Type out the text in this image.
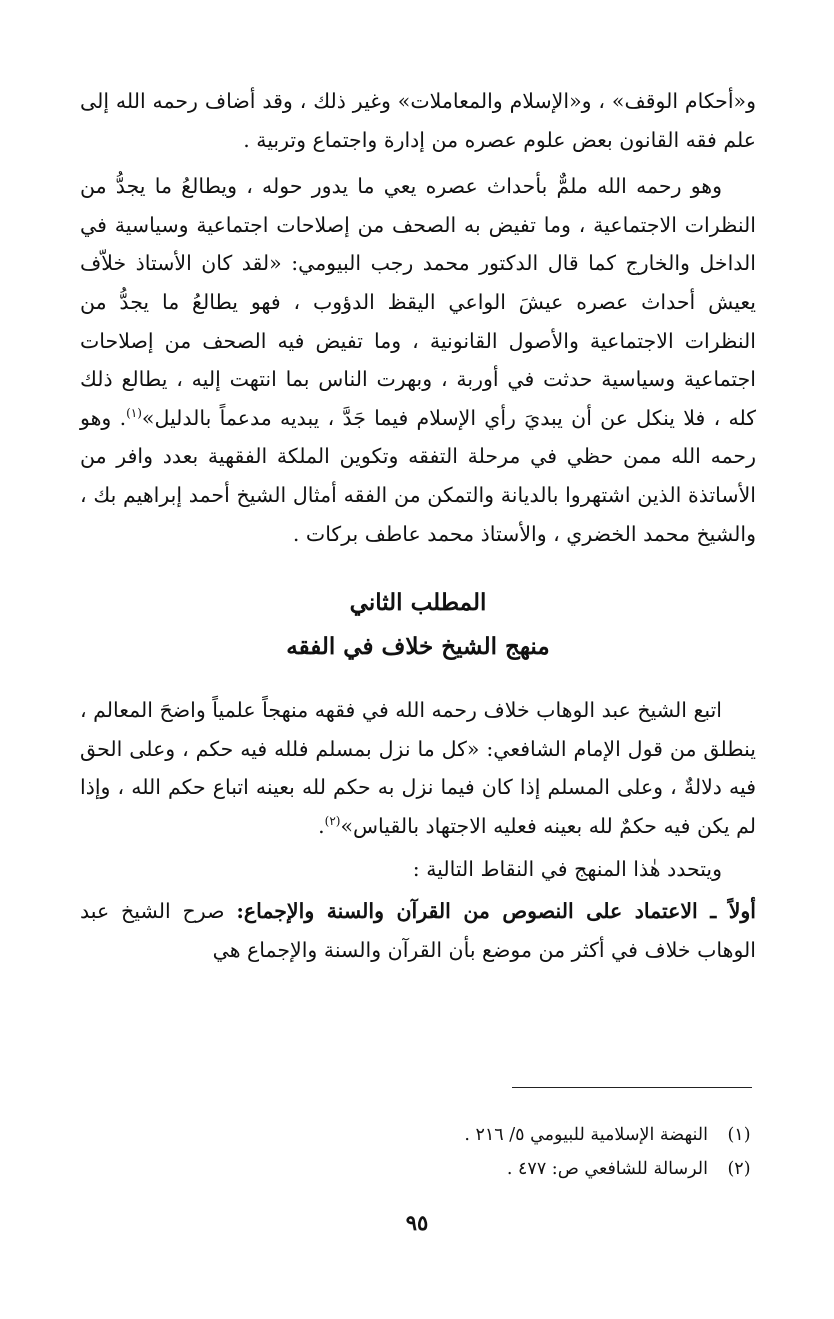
و«أحكام الوقف» ، و«الإسلام والمعاملات» وغير ذلك ، وقد أضاف رحمه الله إلى علم فقه القانون بعض علوم عصره من إدارة واجتماع وتربية .

وهو رحمه الله ملمٌّ بأحداث عصره يعي ما يدور حوله ، ويطالعُ ما يجدُّ من النظرات الاجتماعية ، وما تفيض به الصحف من إصلاحات اجتماعية وسياسية في الداخل والخارج كما قال الدكتور محمد رجب البيومي: «لقد كان الأستاذ خلاّف يعيش أحداث عصره عيشَ الواعي اليقظ الدؤوب ، فهو يطالعُ ما يجدُّ من النظرات الاجتماعية والأصول القانونية ، وما تفيض فيه الصحف من إصلاحات اجتماعية وسياسية حدثت في أوربة ، وبهرت الناس بما انتهت إليه ، يطالع ذلك كله ، فلا ينكل عن أن يبديَ رأي الإسلام فيما جَدَّ ، يبديه مدعماً بالدليل»$^{(١)}$. وهو رحمه الله ممن حظي في مرحلة التفقه وتكوين الملكة الفقهية بعدد وافر من الأساتذة الذين اشتهروا بالديانة والتمكن من الفقه أمثال الشيخ أحمد إبراهيم بك ، والشيخ محمد الخضري ، والأستاذ محمد عاطف بركات .

المطلب الثاني
منهج الشيخ خلاف في الفقه

اتبع الشيخ عبد الوهاب خلاف رحمه الله في فقهه منهجاً علمياً واضحَ المعالم ، ينطلق من قول الإمام الشافعي: «كل ما نزل بمسلم فلله فيه حكم ، وعلى الحق فيه دلالةٌ ، وعلى المسلم إذا كان فيما نزل به حكم لله بعينه اتباع حكم الله ، وإذا لم يكن فيه حكمٌ لله بعينه فعليه الاجتهاد بالقياس»$^{(٢)}$.

ويتحدد هٰذا المنهج في النقاط التالية :

أولاً ـ الاعتماد على النصوص من القرآن والسنة والإجماع: صرح الشيخ عبد الوهاب خلاف في أكثر من موضع بأن القرآن والسنة والإجماع هي

(١)
النهضة الإسلامية للبيومي ٥/ ٢١٦ .
(٢)
الرسالة للشافعي ص: ٤٧٧ .
٩٥
